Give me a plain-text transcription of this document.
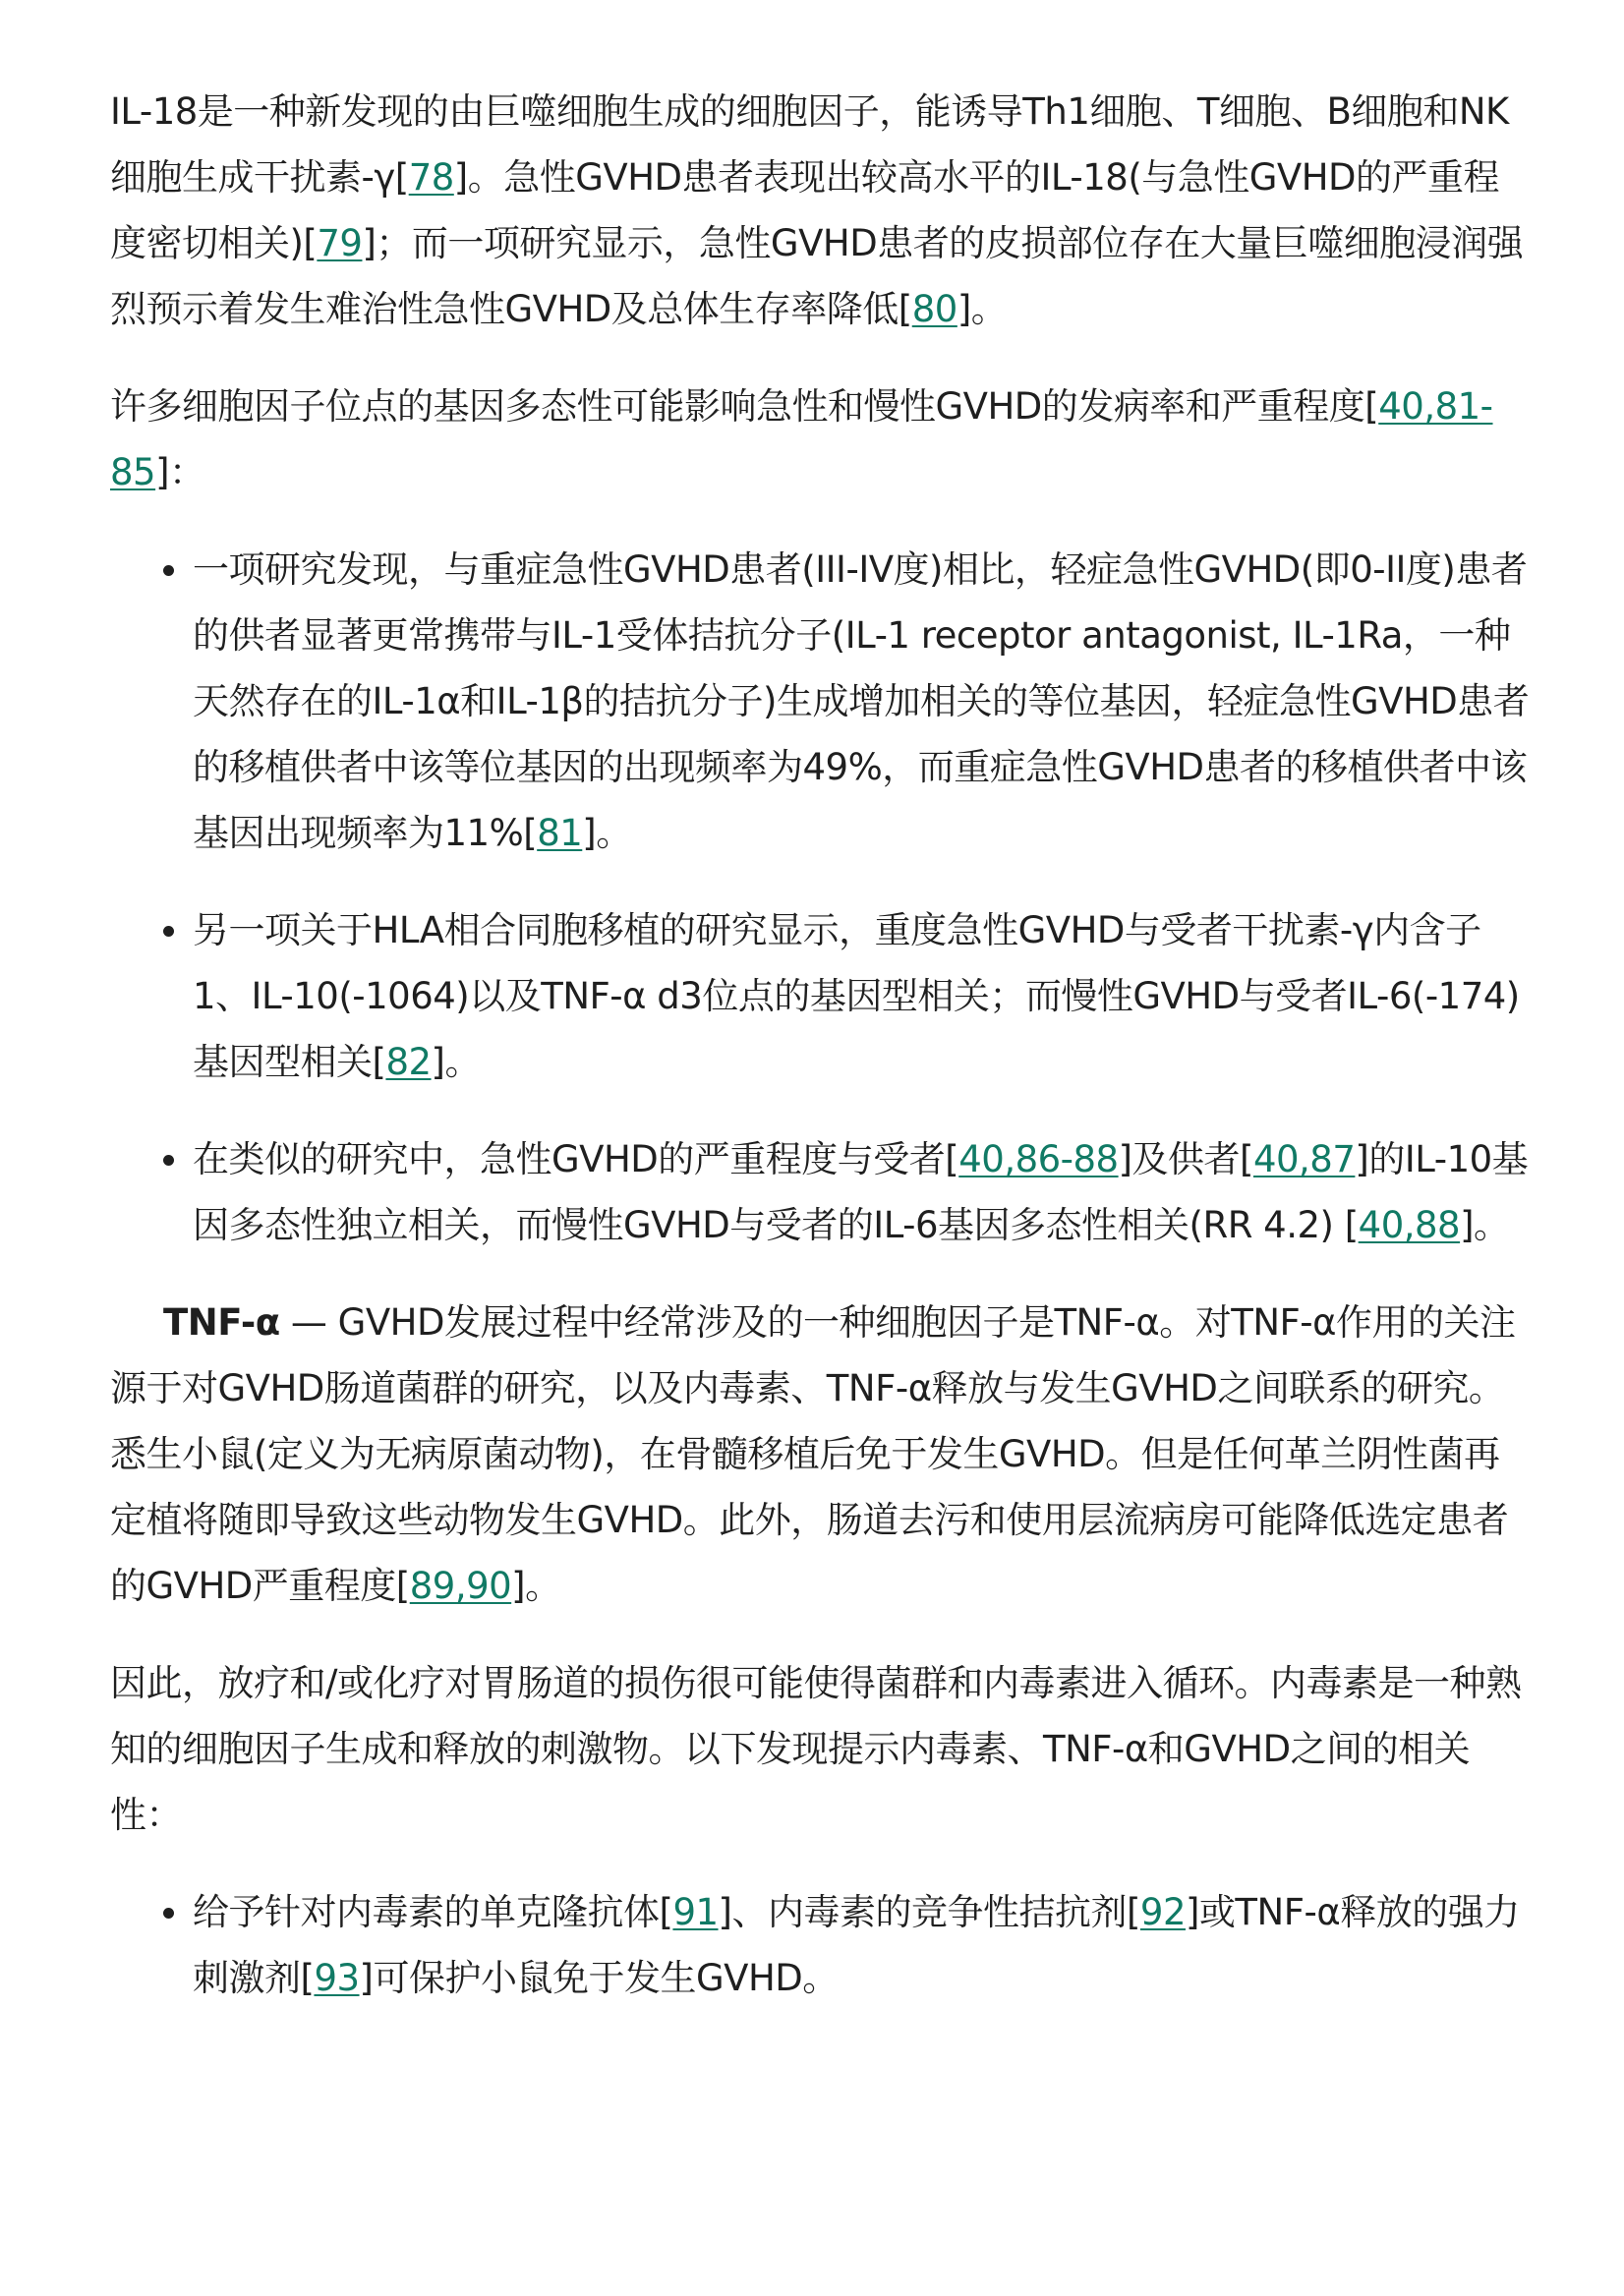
IL-18是一种新发现的由巨噬细胞生成的细胞因子，能诱导Th1细胞、T细胞、B细胞和NK细胞生成干扰素-γ[78]。急性GVHD患者表现出较高水平的IL-18(与急性GVHD的严重程度密切相关)[79]；而一项研究显示，急性GVHD患者的皮损部位存在大量巨噬细胞浸润强烈预示着发生难治性急性GVHD及总体生存率降低[80]。

许多细胞因子位点的基因多态性可能影响急性和慢性GVHD的发病率和严重程度[40,81-85]：

一项研究发现，与重症急性GVHD患者(III-IV度)相比，轻症急性GVHD(即0-II度)患者的供者显著更常携带与IL-1受体拮抗分子(IL-1 receptor antagonist, IL-1Ra，一种天然存在的IL-1α和IL-1β的拮抗分子)生成增加相关的等位基因，轻症急性GVHD患者的移植供者中该等位基因的出现频率为49%，而重症急性GVHD患者的移植供者中该基因出现频率为11%[81]。
另一项关于HLA相合同胞移植的研究显示，重度急性GVHD与受者干扰素-γ内含子1、IL-10(-1064)以及TNF-α d3位点的基因型相关；而慢性GVHD与受者IL-6(-174)基因型相关[82]。
在类似的研究中，急性GVHD的严重程度与受者[40,86-88]及供者[40,87]的IL-10基因多态性独立相关，而慢性GVHD与受者的IL-6基因多态性相关(RR 4.2) [40,88]。

TNF-α — GVHD发展过程中经常涉及的一种细胞因子是TNF-α。对TNF-α作用的关注源于对GVHD肠道菌群的研究，以及内毒素、TNF-α释放与发生GVHD之间联系的研究。悉生小鼠(定义为无病原菌动物)，在骨髓移植后免于发生GVHD。但是任何革兰阴性菌再定植将随即导致这些动物发生GVHD。此外，肠道去污和使用层流病房可能降低选定患者的GVHD严重程度[89,90]。

因此，放疗和/或化疗对胃肠道的损伤很可能使得菌群和内毒素进入循环。内毒素是一种熟知的细胞因子生成和释放的刺激物。以下发现提示内毒素、TNF-α和GVHD之间的相关性：

给予针对内毒素的单克隆抗体[91]、内毒素的竞争性拮抗剂[92]或TNF-α释放的强力刺激剂[93]可保护小鼠免于发生GVHD。
